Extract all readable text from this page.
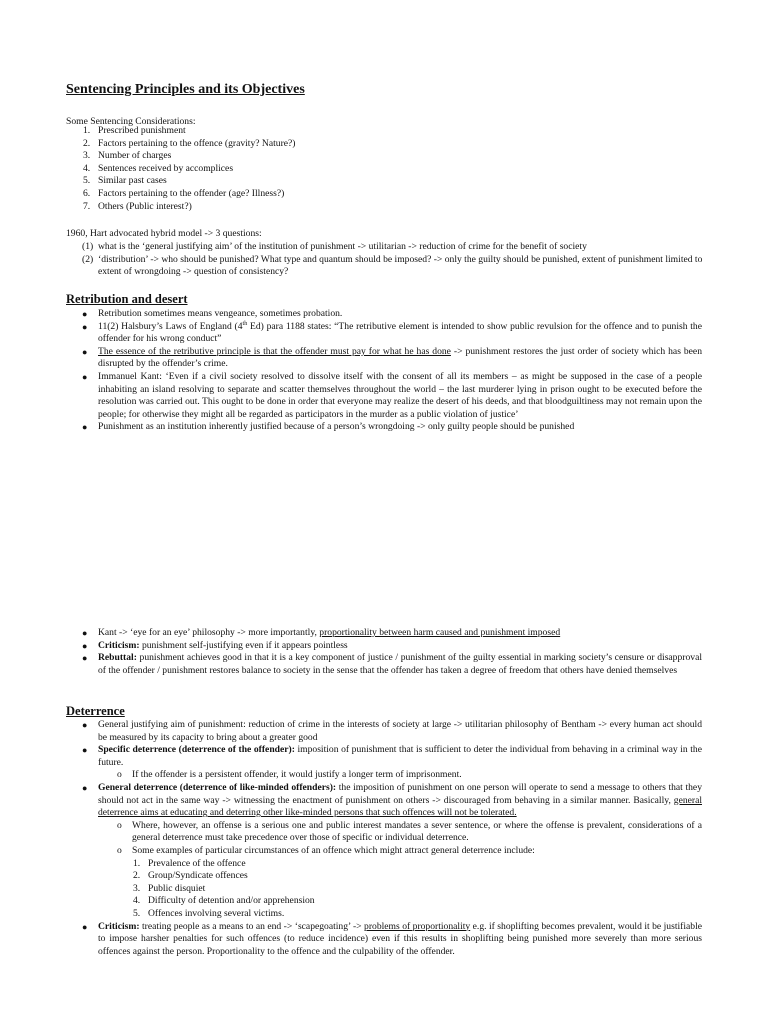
Sentencing Principles and its Objectives

Some Sentencing Considerations:

1. Prescribed punishment
2. Factors pertaining to the offence (gravity? Nature?)
3. Number of charges
4. Sentences received by accomplices
5. Similar past cases
6. Factors pertaining to the offender (age? Illness?)
7. Others (Public interest?)

1960, Hart advocated hybrid model -> 3 questions:

(1) what is the ‘general justifying aim’ of the institution of punishment -> utilitarian -> reduction of crime for the benefit of society
(2) ‘distribution’ -> who should be punished? What type and quantum should be imposed? -> only the guilty should be punished, extent of punishment limited to extent of wrongdoing -> question of consistency?
Retribution and desert
● Retribution sometimes means vengeance, sometimes probation.
● 11(2) Halsbury’s Laws of England (4th Ed) para 1188 states: “The retributive element is intended to show public revulsion for the offence and to punish the offender for his wrong conduct”
● The essence of the retributive principle is that the offender must pay for what he has done -> punishment restores the just order of society which has been disrupted by the offender’s crime.
● Immanuel Kant: ‘Even if a civil society resolved to dissolve itself with the consent of all its members – as might be supposed in the case of a people inhabiting an island resolving to separate and scatter themselves throughout the world – the last murderer lying in prison ought to be executed before the resolution was carried out. This ought to be done in order that everyone may realize the desert of his deeds, and that bloodguiltiness may not remain upon the people; for otherwise they might all be regarded as participators in the murder as a public violation of justice’
● Punishment as an institution inherently justified because of a person’s wrongdoing -> only guilty people should be punished
● Kant -> ‘eye for an eye’ philosophy -> more importantly, proportionality between harm caused and punishment imposed
● Criticism: punishment self-justifying even if it appears pointless
● Rebuttal: punishment achieves good in that it is a key component of justice / punishment of the guilty essential in marking society’s censure or disapproval of the offender / punishment restores balance to society in the sense that the offender has taken a degree of freedom that others have denied themselves
Deterrence
● General justifying aim of punishment: reduction of crime in the interests of society at large -> utilitarian philosophy of Bentham -> every human act should be measured by its capacity to bring about a greater good
● Specific deterrence (deterrence of the offender): imposition of punishment that is sufficient to deter the individual from behaving in a criminal way in the future.
o If the offender is a persistent offender, it would justify a longer term of imprisonment.
● General deterrence (deterrence of like-minded offenders): the imposition of punishment on one person will operate to send a message to others that they should not act in the same way -> witnessing the enactment of punishment on others -> discouraged from behaving in a similar manner. Basically, general deterrence aims at educating and deterring other like-minded persons that such offences will not be tolerated.
o Where, however, an offense is a serious one and public interest mandates a sever sentence, or where the offense is prevalent, considerations of a general deterrence must take precedence over those of specific or individual deterrence.
o Some examples of particular circumstances of an offence which might attract general deterrence include:
1. Prevalence of the offence
2. Group/Syndicate offences
3. Public disquiet
4. Difficulty of detention and/or apprehension
5. Offences involving several victims.
● Criticism: treating people as a means to an end -> ‘scapegoating’ -> problems of proportionality e.g. if shoplifting becomes prevalent, would it be justifiable to impose harsher penalties for such offences (to reduce incidence) even if this results in shoplifting being punished more severely than more serious offences against the person. Proportionality to the offence and the culpability of the offender.
